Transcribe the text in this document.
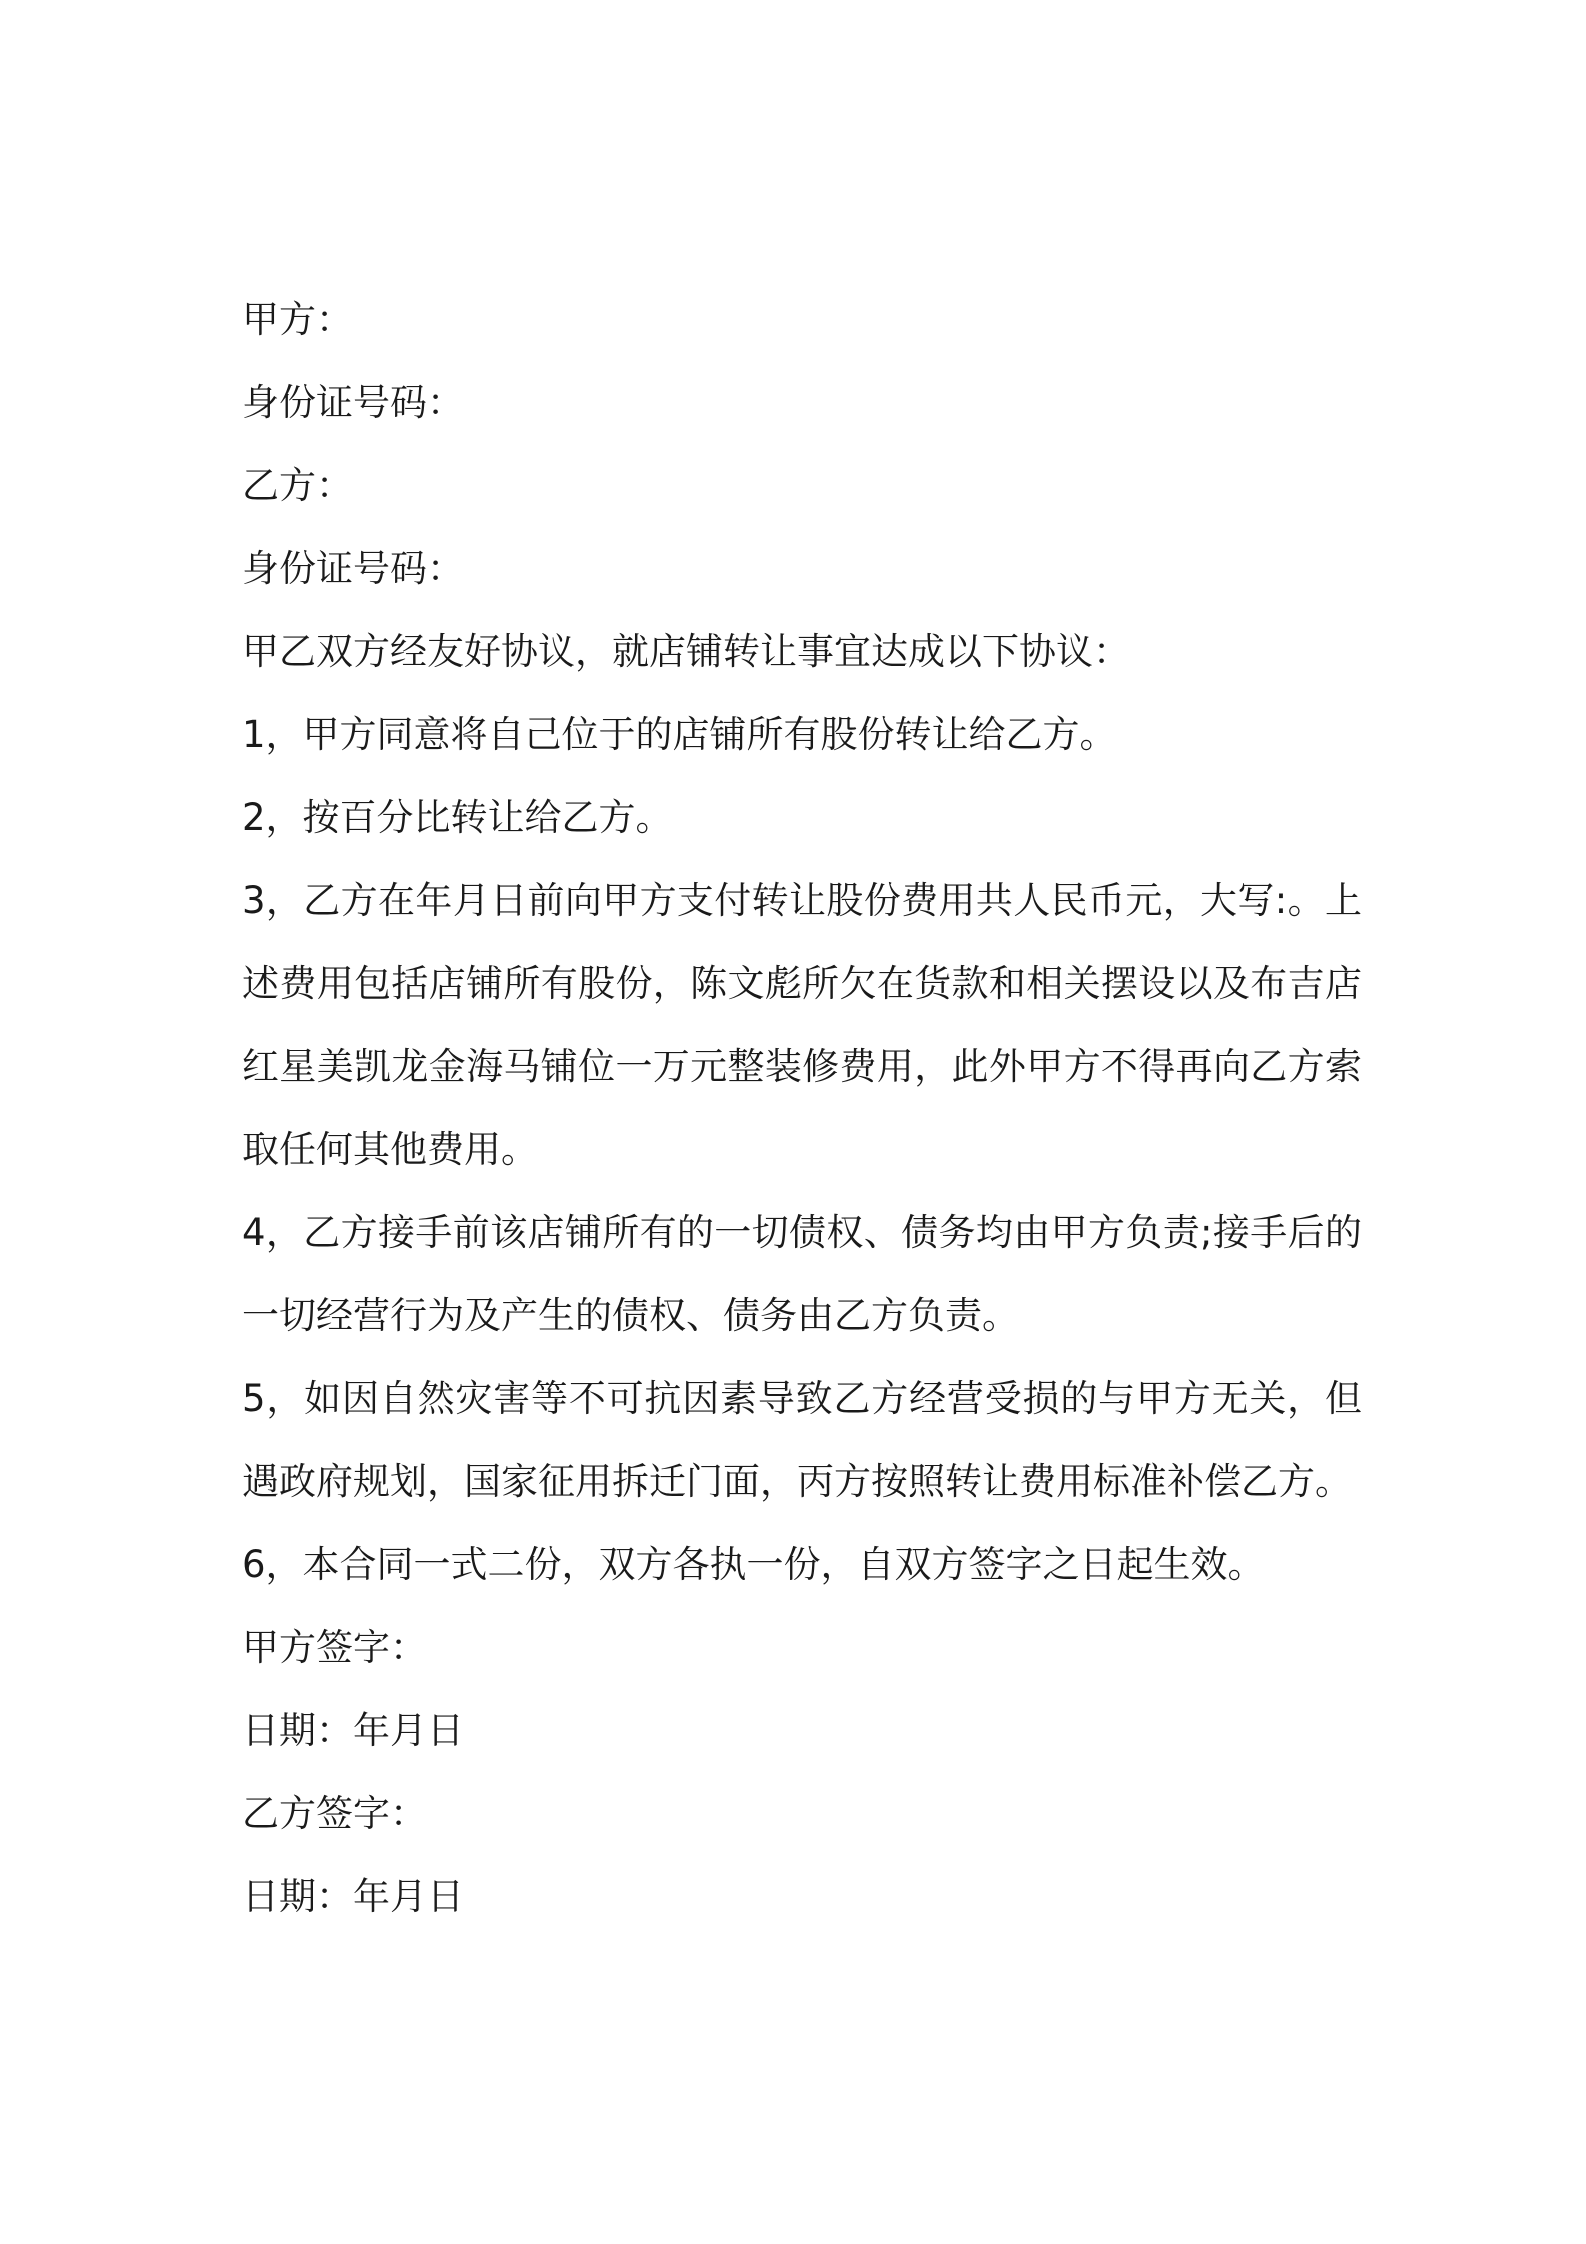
甲方：

身份证号码：

乙方：

身份证号码：

甲乙双方经友好协议，就店铺转让事宜达成以下协议：

1，甲方同意将自己位于的店铺所有股份转让给乙方。

2，按百分比转让给乙方。

3，乙方在年月日前向甲方支付转让股份费用共人民币元，大写:。上述费用包括店铺所有股份，陈文彪所欠在货款和相关摆设以及布吉店红星美凯龙金海马铺位一万元整装修费用，此外甲方不得再向乙方索取任何其他费用。

4，乙方接手前该店铺所有的一切债权、债务均由甲方负责;接手后的一切经营行为及产生的债权、债务由乙方负责。

5，如因自然灾害等不可抗因素导致乙方经营受损的与甲方无关，但遇政府规划，国家征用拆迁门面，丙方按照转让费用标准补偿乙方。

6，本合同一式二份，双方各执一份，自双方签字之日起生效。

甲方签字：

日期：年月日

乙方签字：

日期：年月日
